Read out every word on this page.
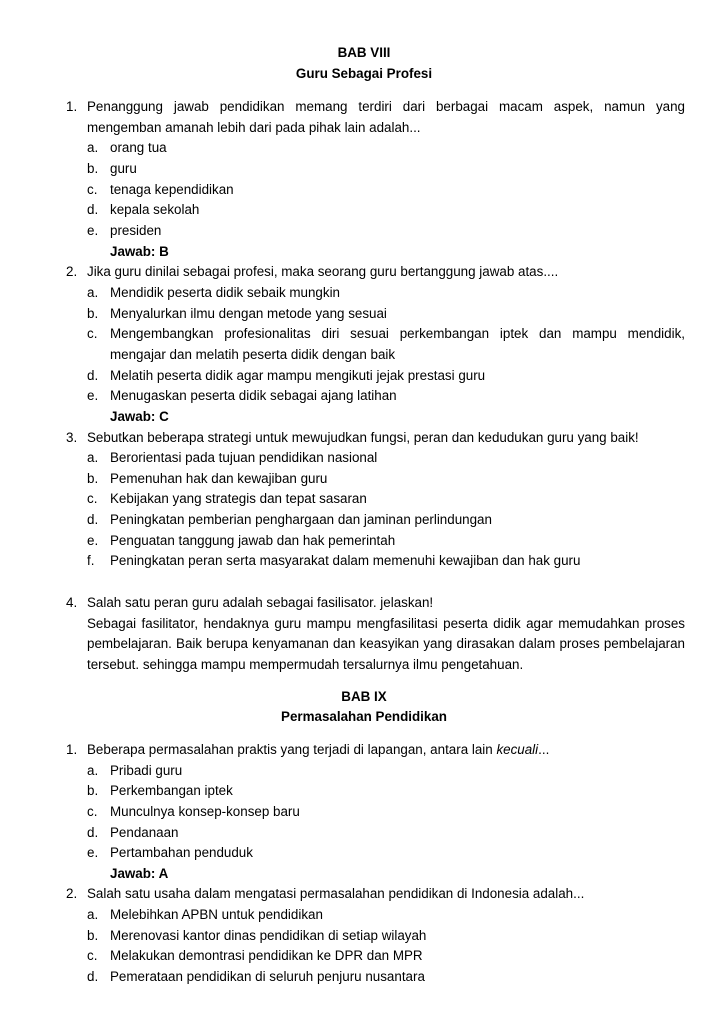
BAB VIII
Guru Sebagai Profesi
1. Penanggung jawab pendidikan memang terdiri dari berbagai macam aspek, namun yang
mengemban amanah lebih dari pada pihak lain adalah...
a. orang tua
b. guru
c. tenaga kependidikan
d. kepala sekolah
e. presiden
Jawab: B
2. Jika guru dinilai sebagai profesi, maka seorang guru bertanggung jawab atas....
a. Mendidik peserta didik sebaik mungkin
b. Menyalurkan ilmu dengan metode yang sesuai
c. Mengembangkan profesionalitas diri sesuai perkembangan iptek dan mampu mendidik,
mengajar dan melatih peserta didik dengan baik
d. Melatih peserta didik agar mampu mengikuti jejak prestasi guru
e. Menugaskan peserta didik sebagai ajang latihan
Jawab: C
3. Sebutkan beberapa strategi untuk mewujudkan fungsi, peran dan kedudukan guru yang baik!
a. Berorientasi pada tujuan pendidikan nasional
b. Pemenuhan hak dan kewajiban guru
c. Kebijakan yang strategis dan tepat sasaran
d. Peningkatan pemberian penghargaan dan jaminan perlindungan
e. Penguatan tanggung jawab dan hak pemerintah
f. Peningkatan peran serta masyarakat dalam memenuhi kewajiban dan hak guru
4. Salah satu peran guru adalah sebagai fasilisator. jelaskan!
Sebagai fasilitator, hendaknya guru mampu mengfasilitasi peserta didik agar memudahkan proses
pembelajaran. Baik berupa kenyamanan dan keasyikan yang dirasakan dalam proses pembelajaran
tersebut. sehingga mampu mempermudah tersalurnya ilmu pengetahuan.
BAB IX
Permasalahan Pendidikan
1. Beberapa permasalahan praktis yang terjadi di lapangan, antara lain kecuali...
a. Pribadi guru
b. Perkembangan iptek
c. Munculnya konsep-konsep baru
d. Pendanaan
e. Pertambahan penduduk
Jawab: A
2. Salah satu usaha dalam mengatasi permasalahan pendidikan di Indonesia adalah...
a. Melebihkan APBN untuk pendidikan
b. Merenovasi kantor dinas pendidikan di setiap wilayah
c. Melakukan demontrasi pendidikan ke DPR dan MPR
d. Pemerataan pendidikan di seluruh penjuru nusantara
